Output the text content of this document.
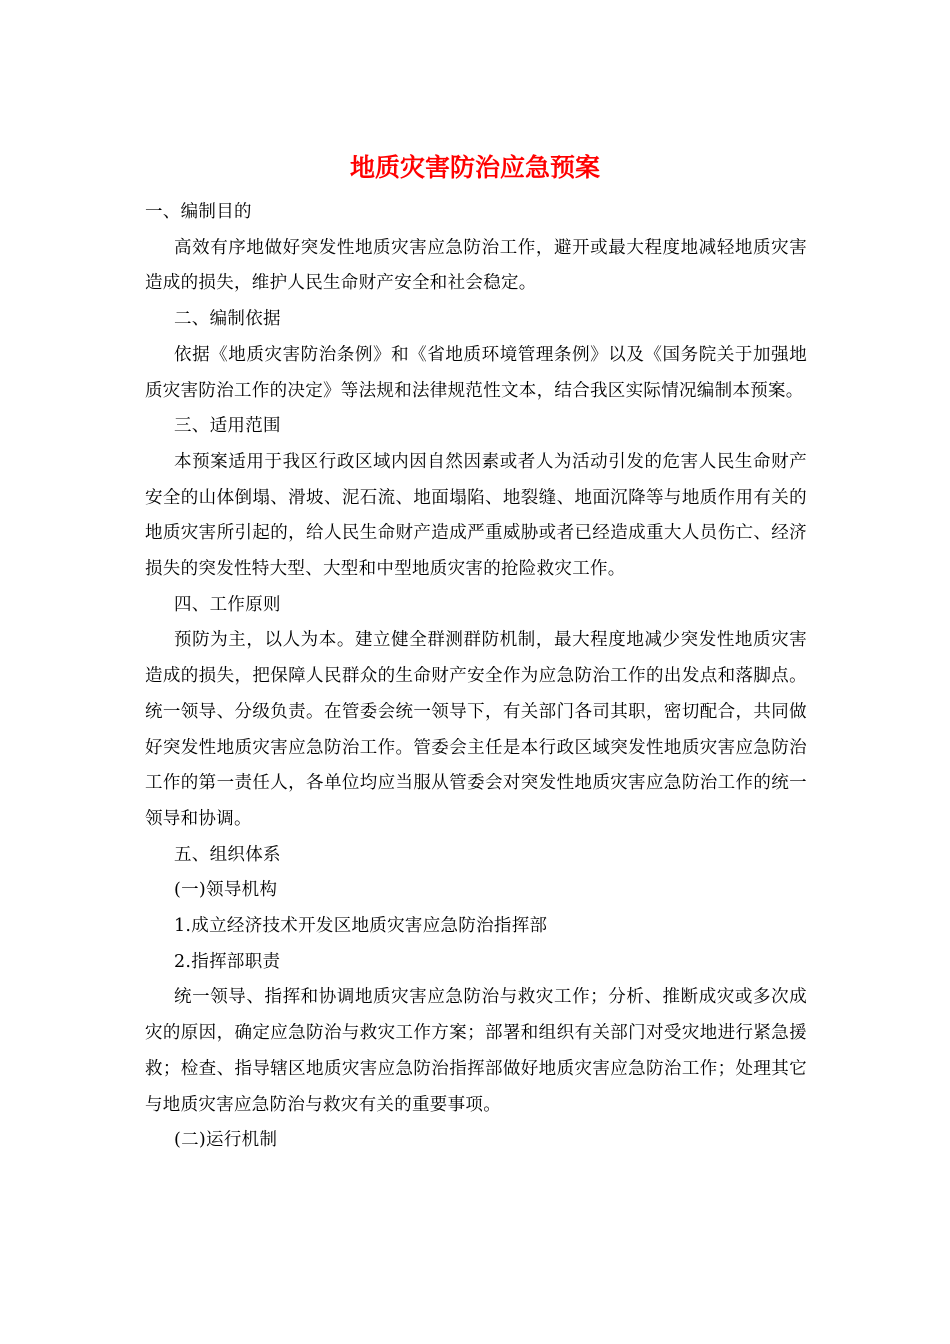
地质灾害防治应急预案

一、编制目的

高效有序地做好突发性地质灾害应急防治工作，避开或最大程度地减轻地质灾害造成的损失，维护人民生命财产安全和社会稳定。

二、编制依据

依据《地质灾害防治条例》和《省地质环境管理条例》以及《国务院关于加强地质灾害防治工作的决定》等法规和法律规范性文本，结合我区实际情况编制本预案。

三、适用范围

本预案适用于我区行政区域内因自然因素或者人为活动引发的危害人民生命财产安全的山体倒塌、滑坡、泥石流、地面塌陷、地裂缝、地面沉降等与地质作用有关的地质灾害所引起的，给人民生命财产造成严重威胁或者已经造成重大人员伤亡、经济损失的突发性特大型、大型和中型地质灾害的抢险救灾工作。

四、工作原则

预防为主，以人为本。建立健全群测群防机制，最大程度地减少突发性地质灾害造成的损失，把保障人民群众的生命财产安全作为应急防治工作的出发点和落脚点。统一领导、分级负责。在管委会统一领导下，有关部门各司其职，密切配合，共同做好突发性地质灾害应急防治工作。管委会主任是本行政区域突发性地质灾害应急防治工作的第一责任人，各单位均应当服从管委会对突发性地质灾害应急防治工作的统一领导和协调。

五、组织体系

(一)领导机构

1.成立经济技术开发区地质灾害应急防治指挥部

2.指挥部职责

统一领导、指挥和协调地质灾害应急防治与救灾工作；分析、推断成灾或多次成灾的原因，确定应急防治与救灾工作方案；部署和组织有关部门对受灾地进行紧急援救；检查、指导辖区地质灾害应急防治指挥部做好地质灾害应急防治工作；处理其它与地质灾害应急防治与救灾有关的重要事项。

(二)运行机制
